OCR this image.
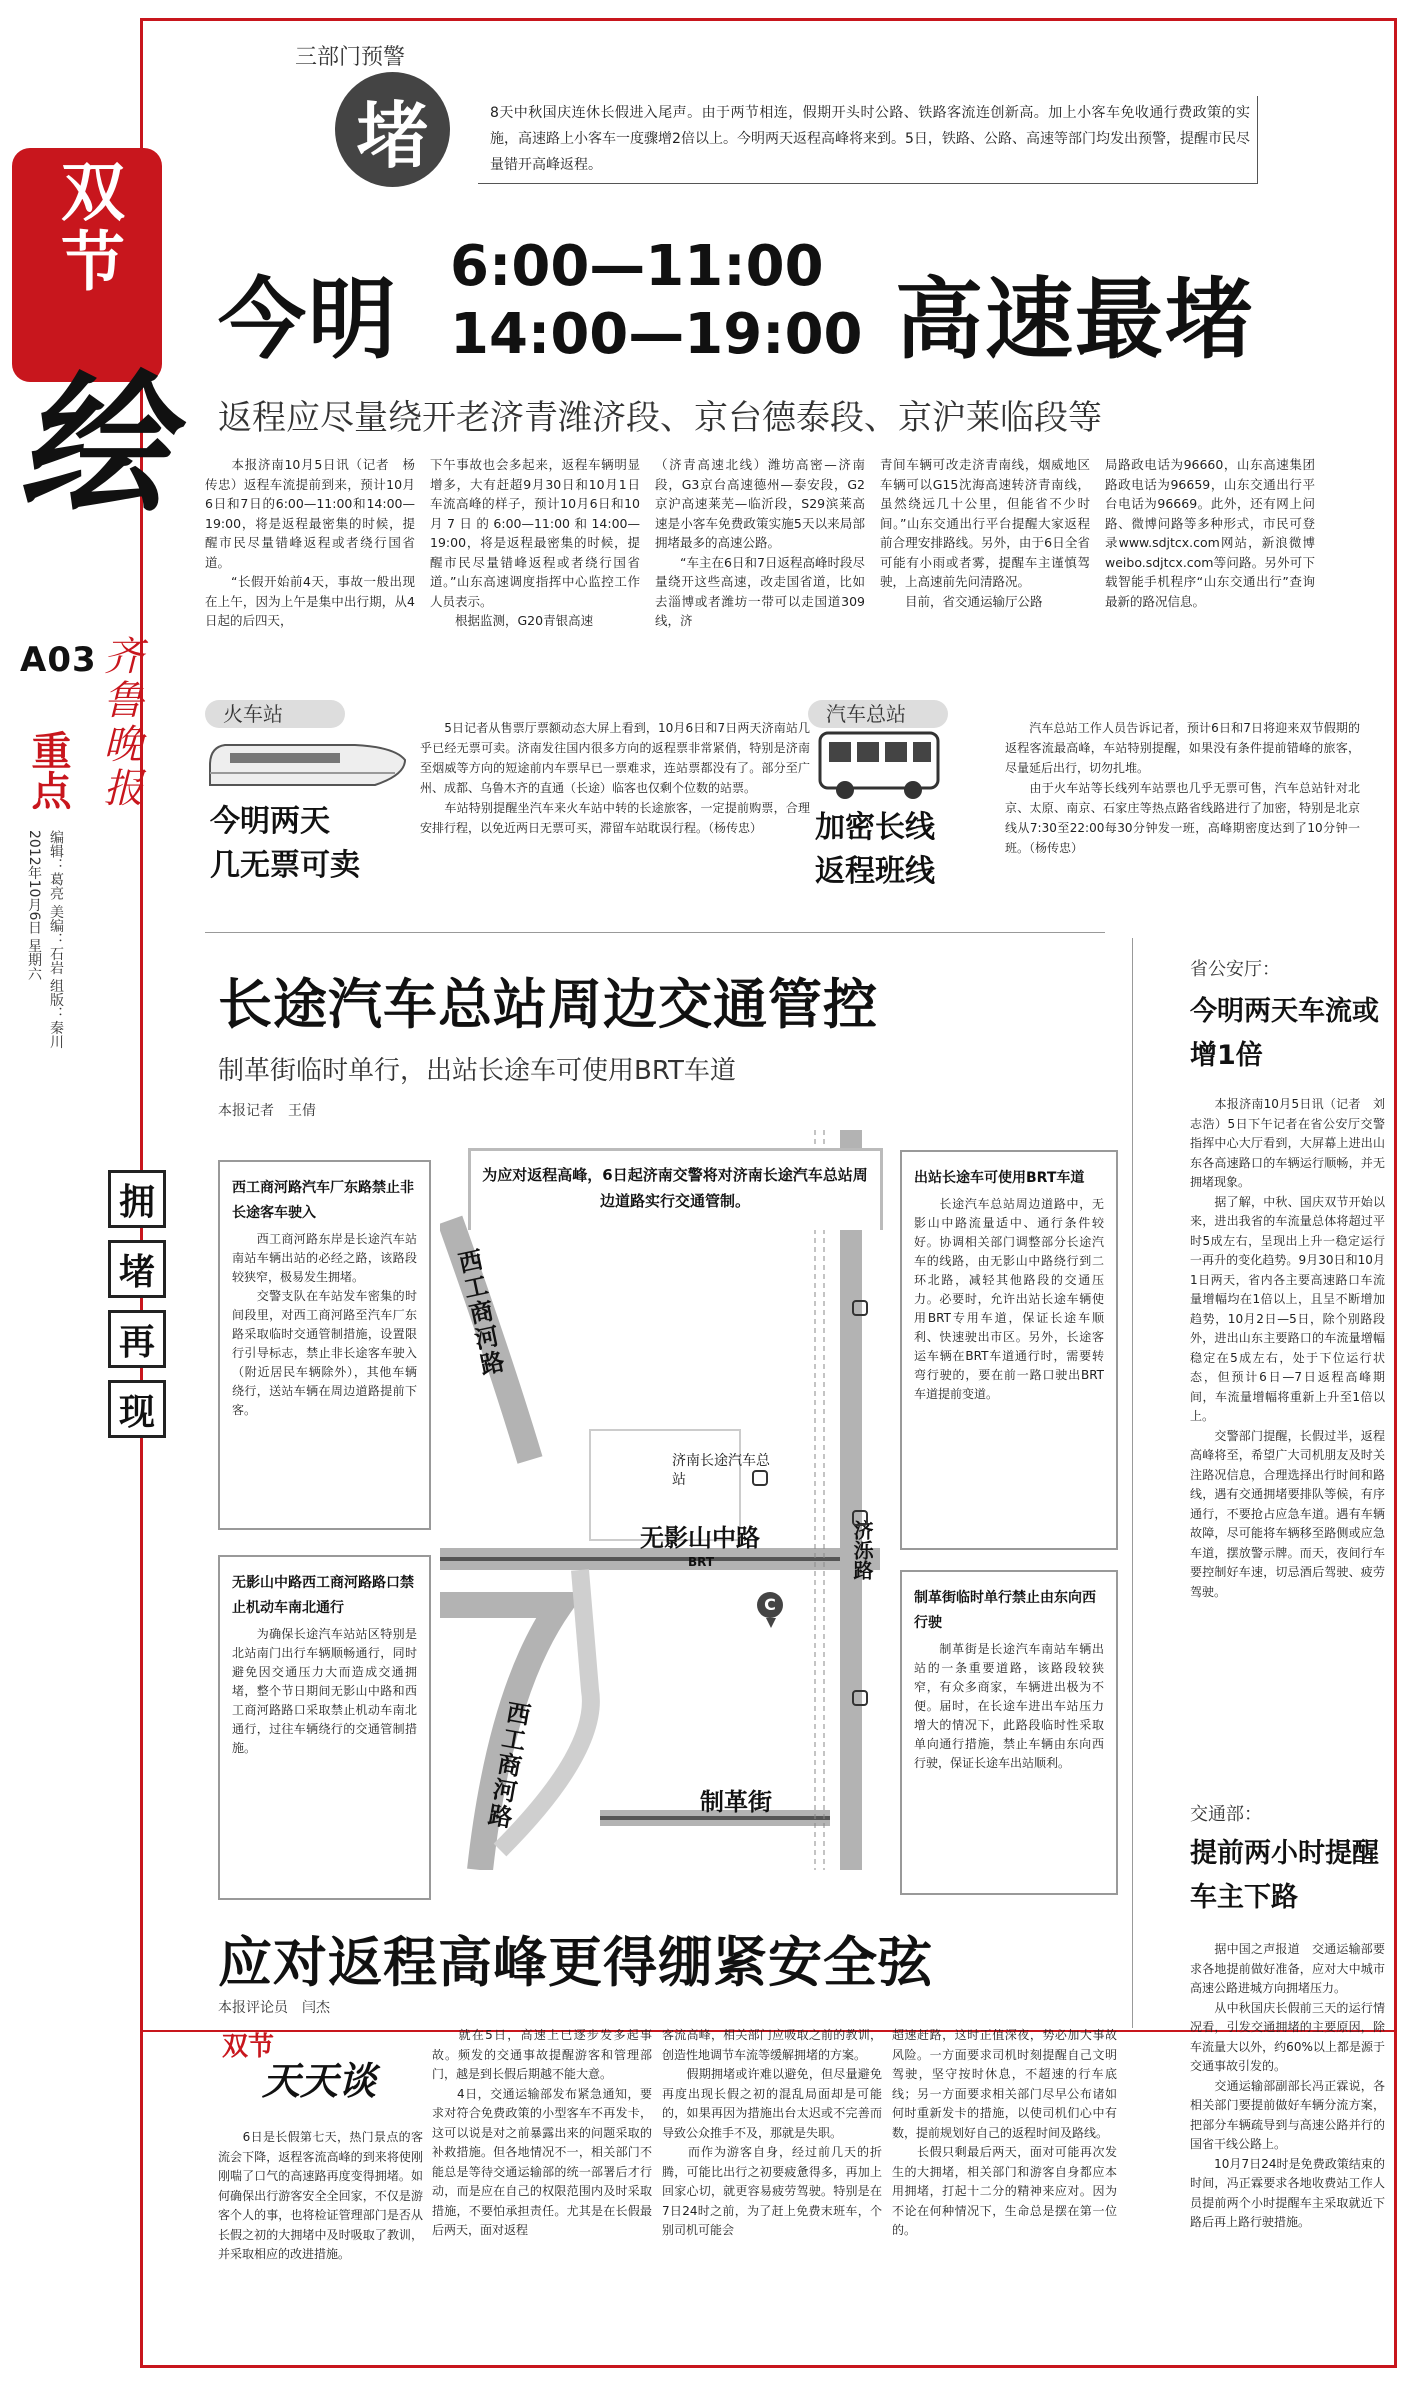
双节
绘
A03
重点 齐鲁晚报
编辑：葛亮 美编：石岩 组版：秦川
2012年10月6日 星期六
拥
堵
再
现
三部门预警
堵	8天中秋国庆连休长假进入尾声。由于两节相连，假期开头时公路、铁路客流连创新高。加上小客车免收通行费政策的实施，高速路上小客车一度骤增2倍以上。今明两天返程高峰将来到。5日，铁路、公路、高速等部门均发出预警，提醒市民尽量错开高峰返程。
今明
6:00—11:00
14:00—19:00 高速最堵
返程应尽量绕开老济青潍济段、京台德泰段、京沪莱临段等
　　本报济南10月5日讯（记者　杨传忠）返程车流提前到来，预计10月6日和7日的6:00—11:00和14:00—19:00，将是返程最密集的时候，提醒市民尽量错峰返程或者绕行国省道。
　　“长假开始前4天，事故一般出现在上午，因为上午是集中出行期，从4日起的后四天，
下午事故也会多起来，返程车辆明显增多，大有赶超9月30日和10月1日车流高峰的样子，预计10月6日和10月7日的6:00—11:00和14:00—19:00，将是返程最密集的时候，提醒市民尽量错峰返程或者绕行国省道。”山东高速调度指挥中心监控工作人员表示。
　　根据监测，G20青银高速
（济青高速北线）潍坊高密—济南段，G3京台高速德州—泰安段，G2京沪高速莱芜—临沂段，S29滨莱高速是小客车免费政策实施5天以来局部拥堵最多的高速公路。
　　“车主在6日和7日返程高峰时段尽量绕开这些高速，改走国省道，比如去淄博或者潍坊一带可以走国道309线，济
青间车辆可改走济青南线，烟威地区车辆可以G15沈海高速转济青南线，虽然绕远几十公里，但能省不少时间。”山东交通出行平台提醒大家返程前合理安排路线。另外，由于6日全省可能有小雨或者雾，提醒车主谨慎驾驶，上高速前先问清路况。
　　目前，省交通运输厅公路
局路政电话为96660，山东高速集团路政电话为96659，山东交通出行平台电话为96669。此外，还有网上问路、微博问路等多种形式，市民可登录www.sdjtcx.com网站，新浪微博weibo.sdjtcx.com等问路。另外可下载智能手机程序“山东交通出行”查询最新的路况信息。
火车站
今明两天
几无票可卖
　　5日记者从售票厅票额动态大屏上看到，10月6日和7日两天济南站几乎已经无票可卖。济南发往国内很多方向的返程票非常紧俏，特别是济南至烟威等方向的短途前内车票早已一票难求，连站票都没有了。部分至广州、成都、乌鲁木齐的直通（长途）临客也仅剩个位数的站票。
　　车站特别提醒坐汽车来火车站中转的长途旅客，一定提前购票，合理安排行程，以免近两日无票可买，滞留车站耽误行程。（杨传忠）
汽车总站
加密长线
返程班线
　　汽车总站工作人员告诉记者，预计6日和7日将迎来双节假期的返程客流最高峰，车站特别提醒，如果没有条件提前错峰的旅客，尽量延后出行，切勿扎堆。
　　由于火车站等长线列车站票也几乎无票可售，汽车总站针对北京、太原、南京、石家庄等热点路省线路进行了加密，特别是北京线从7:30至22:00每30分钟发一班，高峰期密度达到了10分钟一班。（杨传忠）
长途汽车总站周边交通管控
制革街临时单行，出站长途车可使用BRT车道
本报记者　王倩
西工商河路
西工商河路
无影山中路
BRT	济泺路
制革街
济南长途汽车总站
C
为应对返程高峰，6日起济南交警将对济南长途汽车总站周边道路实行交通管制。
西工商河路汽车厂东路禁止非长途客车驶入
　　西工商河路东岸是长途汽车站南站车辆出站的必经之路，该路段较狭窄，极易发生拥堵。
　　交警支队在车站发车密集的时间段里，对西工商河路至汽车厂东路采取临时交通管制措施，设置限行引导标志，禁止非长途客车驶入（附近居民车辆除外），其他车辆绕行，送站车辆在周边道路提前下客。
无影山中路西工商河路路口禁止机动车南北通行
　　为确保长途汽车站站区特别是北站南门出行车辆顺畅通行，同时避免因交通压力大而造成交通拥堵，整个节日期间无影山中路和西工商河路路口采取禁止机动车南北通行，过往车辆绕行的交通管制措施。
出站长途车可使用BRT车道
　　长途汽车总站周边道路中，无影山中路流量适中、通行条件较好。协调相关部门调整部分长途汽车的线路，由无影山中路绕行到二环北路，减轻其他路段的交通压力。必要时，允许出站长途车辆使用BRT专用车道，保证长途车顺利、快速驶出市区。另外，长途客运车辆在BRT车道通行时，需要转弯行驶的，要在前一路口驶出BRT车道提前变道。
制革街临时单行禁止由东向西行驶
　　制革街是长途汽车南站车辆出站的一条重要道路，该路段较狭窄，有众多商家，车辆进出极为不便。届时，在长途车进出车站压力增大的情况下，此路段临时性采取单向通行措施，禁止车辆由东向西行驶，保证长途车出站顺利。
省公安厅：
今明两天车流或增1倍
　　本报济南10月5日讯（记者　刘志浩）5日下午记者在省公安厅交警指挥中心大厅看到，大屏幕上进出山东各高速路口的车辆运行顺畅，并无拥堵现象。
　　据了解，中秋、国庆双节开始以来，进出我省的车流量总体将超过平时5成左右，呈现出上升一稳定运行一再升的变化趋势。9月30日和10月1日两天，省内各主要高速路口车流量增幅均在1倍以上，且呈不断增加趋势，10月2日—5日，除个别路段外，进出山东主要路口的车流量增幅稳定在5成左右，处于下位运行状态，但预计6日—7日返程高峰期间，车流量增幅将重新上升至1倍以上。
　　交警部门提醒，长假过半，返程高峰将至，希望广大司机朋友及时关注路况信息，合理选择出行时间和路线，遇有交通拥堵要排队等候，有序通行，不要抢占应急车道。遇有车辆故障，尽可能将车辆移至路侧或应急车道，摆放警示牌。而天，夜间行车要控制好车速，切忌酒后驾驶、疲劳驾驶。
交通部：
提前两小时提醒车主下路
　　据中国之声报道　交通运输部要求各地提前做好准备，应对大中城市高速公路进城方向拥堵压力。
　　从中秋国庆长假前三天的运行情况看，引发交通拥堵的主要原因，除车流量大以外，约60%以上都是源于交通事故引发的。
　　交通运输部副部长冯正霖说，各相关部门要提前做好车辆分流方案，把部分车辆疏导到与高速公路并行的国省干线公路上。
　　10月7日24时是免费政策结束的时间，冯正霖要求各地收费站工作人员提前两个小时提醒车主采取就近下路后再上路行驶措施。
应对返程高峰更得绷紧安全弦
本报评论员　闫杰
双节
天天谈
　　6日是长假第七天，热门景点的客流会下降，返程客流高峰的到来将使刚刚喘了口气的高速路再度变得拥堵。如何确保出行游客安全全回家，不仅是游客个人的事，也将检证管理部门是否从长假之初的大拥堵中及时吸取了教训，并采取相应的改进措施。
　　就在5日，高速上已逐步发多起事故。频发的交通事故提醒游客和管理部门，越是到长假后期越不能大意。
　　4日，交通运输部发布紧急通知，要求对符合免费政策的小型客车不再发卡，这可以说是对之前暴露出来的问题采取的补救措施。但各地情况不一，相关部门不能总是等待交通运输部的统一部署后才行动，而是应在自己的权限范围内及时采取措施，不要怕承担责任。尤其是在长假最后两天，面对返程
客流高峰，相关部门应吸取之前的教训，创造性地调节车流等缓解拥堵的方案。
　　假期拥堵或许难以避免，但尽量避免再度出现长假之初的混乱局面却是可能的，如果再因为措施出台太迟或不完善而导致公众推手不及，那就是失职。
　　而作为游客自身，经过前几天的折腾，可能比出行之初要疲惫得多，再加上回家心切，就更容易疲劳驾驶。特别是在7日24时之前，为了赶上免费末班车，个别司机可能会
超速赶路，这时正值深夜，势必加大事故风险。一方面要求司机时刻提醒自己文明驾驶，坚守按时休息，不超速的行车底线；另一方面要求相关部门尽早公布诸如何时重新发卡的措施，以使司机们心中有数，提前规划好自己的返程时间及路线。
　　长假只剩最后两天，面对可能再次发生的大拥堵，相关部门和游客自身都应本用拥堵，打起十二分的精神来应对。因为不论在何种情况下，生命总是摆在第一位的。
